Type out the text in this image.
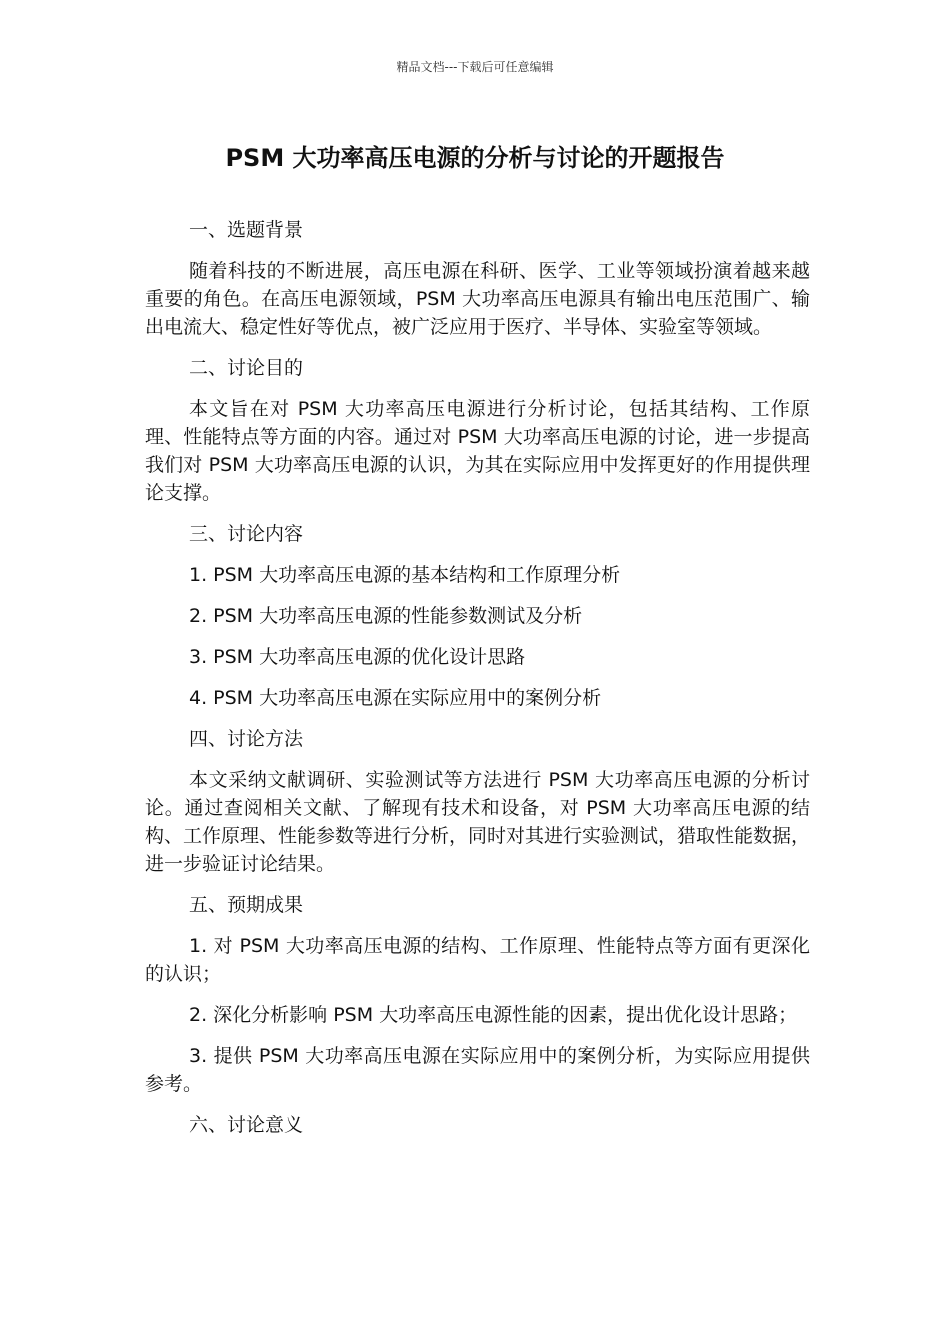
精品文档---下载后可任意编辑
PSM 大功率高压电源的分析与讨论的开题报告
一、选题背景

随着科技的不断进展，高压电源在科研、医学、工业等领域扮演着越来越重要的角色。在高压电源领域，PSM 大功率高压电源具有输出电压范围广、输出电流大、稳定性好等优点，被广泛应用于医疗、半导体、实验室等领域。

二、讨论目的

本文旨在对 PSM 大功率高压电源进行分析讨论，包括其结构、工作原理、性能特点等方面的内容。通过对 PSM 大功率高压电源的讨论，进一步提高我们对 PSM 大功率高压电源的认识，为其在实际应用中发挥更好的作用提供理论支撑。

三、讨论内容

1. PSM 大功率高压电源的基本结构和工作原理分析

2. PSM 大功率高压电源的性能参数测试及分析

3. PSM 大功率高压电源的优化设计思路

4. PSM 大功率高压电源在实际应用中的案例分析

四、讨论方法

本文采纳文献调研、实验测试等方法进行 PSM 大功率高压电源的分析讨论。通过查阅相关文献、了解现有技术和设备，对 PSM 大功率高压电源的结构、工作原理、性能参数等进行分析，同时对其进行实验测试，猎取性能数据，进一步验证讨论结果。

五、预期成果

1. 对 PSM 大功率高压电源的结构、工作原理、性能特点等方面有更深化的认识；

2. 深化分析影响 PSM 大功率高压电源性能的因素，提出优化设计思路；

3. 提供 PSM 大功率高压电源在实际应用中的案例分析，为实际应用提供参考。

六、讨论意义
